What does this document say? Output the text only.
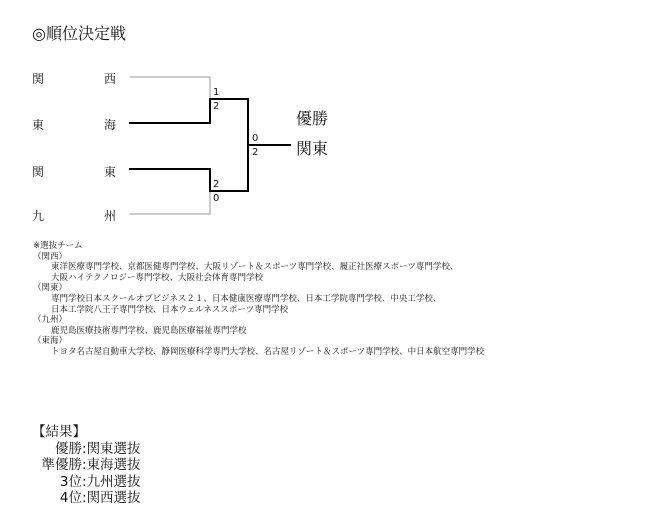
◎順位決定戦
関	西
東	海
関	東
九	州
1
2
2
0
0
2
優勝
関東
※選抜チーム
（関西）
東洋医療専門学校、京都医健専門学校、大阪リゾート＆スポーツ専門学校、履正社医療スポーツ専門学校、
大阪ハイテクノロジー専門学校、大阪社会体育専門学校
（関東）
専門学校日本スクールオブビジネス２１、日本健康医療専門学校、日本工学院専門学校、中央工学校、
日本工学院八王子専門学校、日本ウェルネススポーツ専門学校
（九州）
鹿児島医療技術専門学校、鹿児島医療福祉専門学校
（東海）
トヨタ名古屋自動車大学校、静岡医療科学専門大学校、名古屋リゾート＆スポーツ専門学校、中日本航空専門学校
【結果】
優勝:関東選抜
準優勝:東海選抜
3位:九州選抜
4位:関西選抜
